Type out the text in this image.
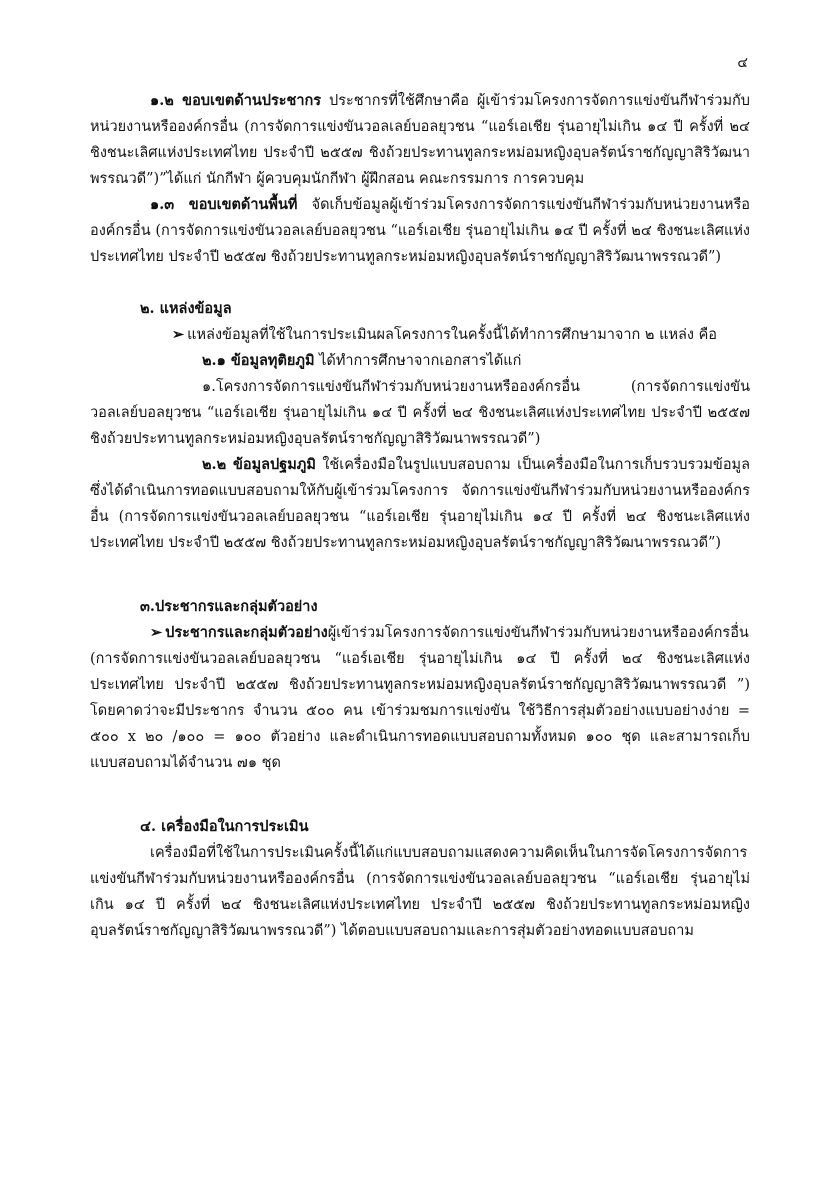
๔

๑.๒ ขอบเขตด้านประชากร ประชากรที่ใช้ศึกษาคือ ผู้เข้าร่วมโครงการจัดการแข่งขันกีฬาร่วมกับหน่วยงานหรือองค์กรอื่น (การจัดการแข่งขันวอลเลย์บอลยุวชน “แอร์เอเชีย รุ่นอายุไม่เกิน ๑๔ ปี ครั้งที่ ๒๔ ชิงชนะเลิศแห่งประเทศไทย ประจำปี ๒๕๕๗ ชิงถ้วยประทานทูลกระหม่อมหญิงอุบลรัตน์ราชกัญญาสิริวัฒนาพรรณวดี”)”ได้แก่ นักกีฬา ผู้ควบคุมนักกีฬา ผู้ฝึกสอน คณะกรรมการ การควบคุม

๑.๓ ขอบเขตด้านพื้นที่ จัดเก็บข้อมูลผู้เข้าร่วมโครงการจัดการแข่งขันกีฬาร่วมกับหน่วยงานหรือองค์กรอื่น (การจัดการแข่งขันวอลเลย์บอลยุวชน “แอร์เอเชีย รุ่นอายุไม่เกิน ๑๔ ปี ครั้งที่ ๒๔ ชิงชนะเลิศแห่งประเทศไทย ประจำปี ๒๕๕๗ ชิงถ้วยประทานทูลกระหม่อมหญิงอุบลรัตน์ราชกัญญาสิริวัฒนาพรรณวดี”)

๒. แหล่งข้อมูล

➢ แหล่งข้อมูลที่ใช้ในการประเมินผลโครงการในครั้งนี้ได้ทำการศึกษามาจาก ๒ แหล่ง คือ

๒.๑ ข้อมูลทุติยภูมิ ได้ทำการศึกษาจากเอกสารได้แก่

๑.โครงการจัดการแข่งขันกีฬาร่วมกับหน่วยงานหรือองค์กรอื่น (การจัดการแข่งขันวอลเลย์บอลยุวชน “แอร์เอเชีย รุ่นอายุไม่เกิน ๑๔ ปี ครั้งที่ ๒๔ ชิงชนะเลิศแห่งประเทศไทย ประจำปี ๒๕๕๗ ชิงถ้วยประทานทูลกระหม่อมหญิงอุบลรัตน์ราชกัญญาสิริวัฒนาพรรณวดี”)

๒.๒ ข้อมูลปฐมภูมิ ใช้เครื่องมือในรูปแบบสอบถาม เป็นเครื่องมือในการเก็บรวบรวมข้อมูลซึ่งได้ดำเนินการทอดแบบสอบถามให้กับผู้เข้าร่วมโครงการ จัดการแข่งขันกีฬาร่วมกับหน่วยงานหรือองค์กรอื่น (การจัดการแข่งขันวอลเลย์บอลยุวชน “แอร์เอเชีย รุ่นอายุไม่เกิน ๑๔ ปี ครั้งที่ ๒๔ ชิงชนะเลิศแห่งประเทศไทย ประจำปี ๒๕๕๗ ชิงถ้วยประทานทูลกระหม่อมหญิงอุบลรัตน์ราชกัญญาสิริวัฒนาพรรณวดี”)

๓.ประชากรและกลุ่มตัวอย่าง

➢ ประชากรและกลุ่มตัวอย่างผู้เข้าร่วมโครงการจัดการแข่งขันกีฬาร่วมกับหน่วยงานหรือองค์กรอื่น (การจัดการแข่งขันวอลเลย์บอลยุวชน “แอร์เอเชีย รุ่นอายุไม่เกิน ๑๔ ปี ครั้งที่ ๒๔ ชิงชนะเลิศแห่งประเทศไทย ประจำปี ๒๕๕๗ ชิงถ้วยประทานทูลกระหม่อมหญิงอุบลรัตน์ราชกัญญาสิริวัฒนาพรรณวดี ”) โดยคาดว่าจะมีประชากร จำนวน ๕๐๐ คน เข้าร่วมชมการแข่งขัน ใช้วิธีการสุ่มตัวอย่างแบบอย่างง่าย = ๕๐๐ x ๒๐ /๑๐๐ = ๑๐๐ ตัวอย่าง และดำเนินการทอดแบบสอบถามทั้งหมด ๑๐๐ ชุด และสามารถเก็บแบบสอบถามได้จำนวน ๗๑ ชุด

๔. เครื่องมือในการประเมิน

เครื่องมือที่ใช้ในการประเมินครั้งนี้ได้แก่แบบสอบถามแสดงความคิดเห็นในการจัดโครงการจัดการแข่งขันกีฬาร่วมกับหน่วยงานหรือองค์กรอื่น (การจัดการแข่งขันวอลเลย์บอลยุวชน “แอร์เอเชีย รุ่นอายุไม่เกิน ๑๔ ปี ครั้งที่ ๒๔ ชิงชนะเลิศแห่งประเทศไทย ประจำปี ๒๕๕๗ ชิงถ้วยประทานทูลกระหม่อมหญิงอุบลรัตน์ราชกัญญาสิริวัฒนาพรรณวดี”) ได้ตอบแบบสอบถามและการสุ่มตัวอย่างทอดแบบสอบถาม
